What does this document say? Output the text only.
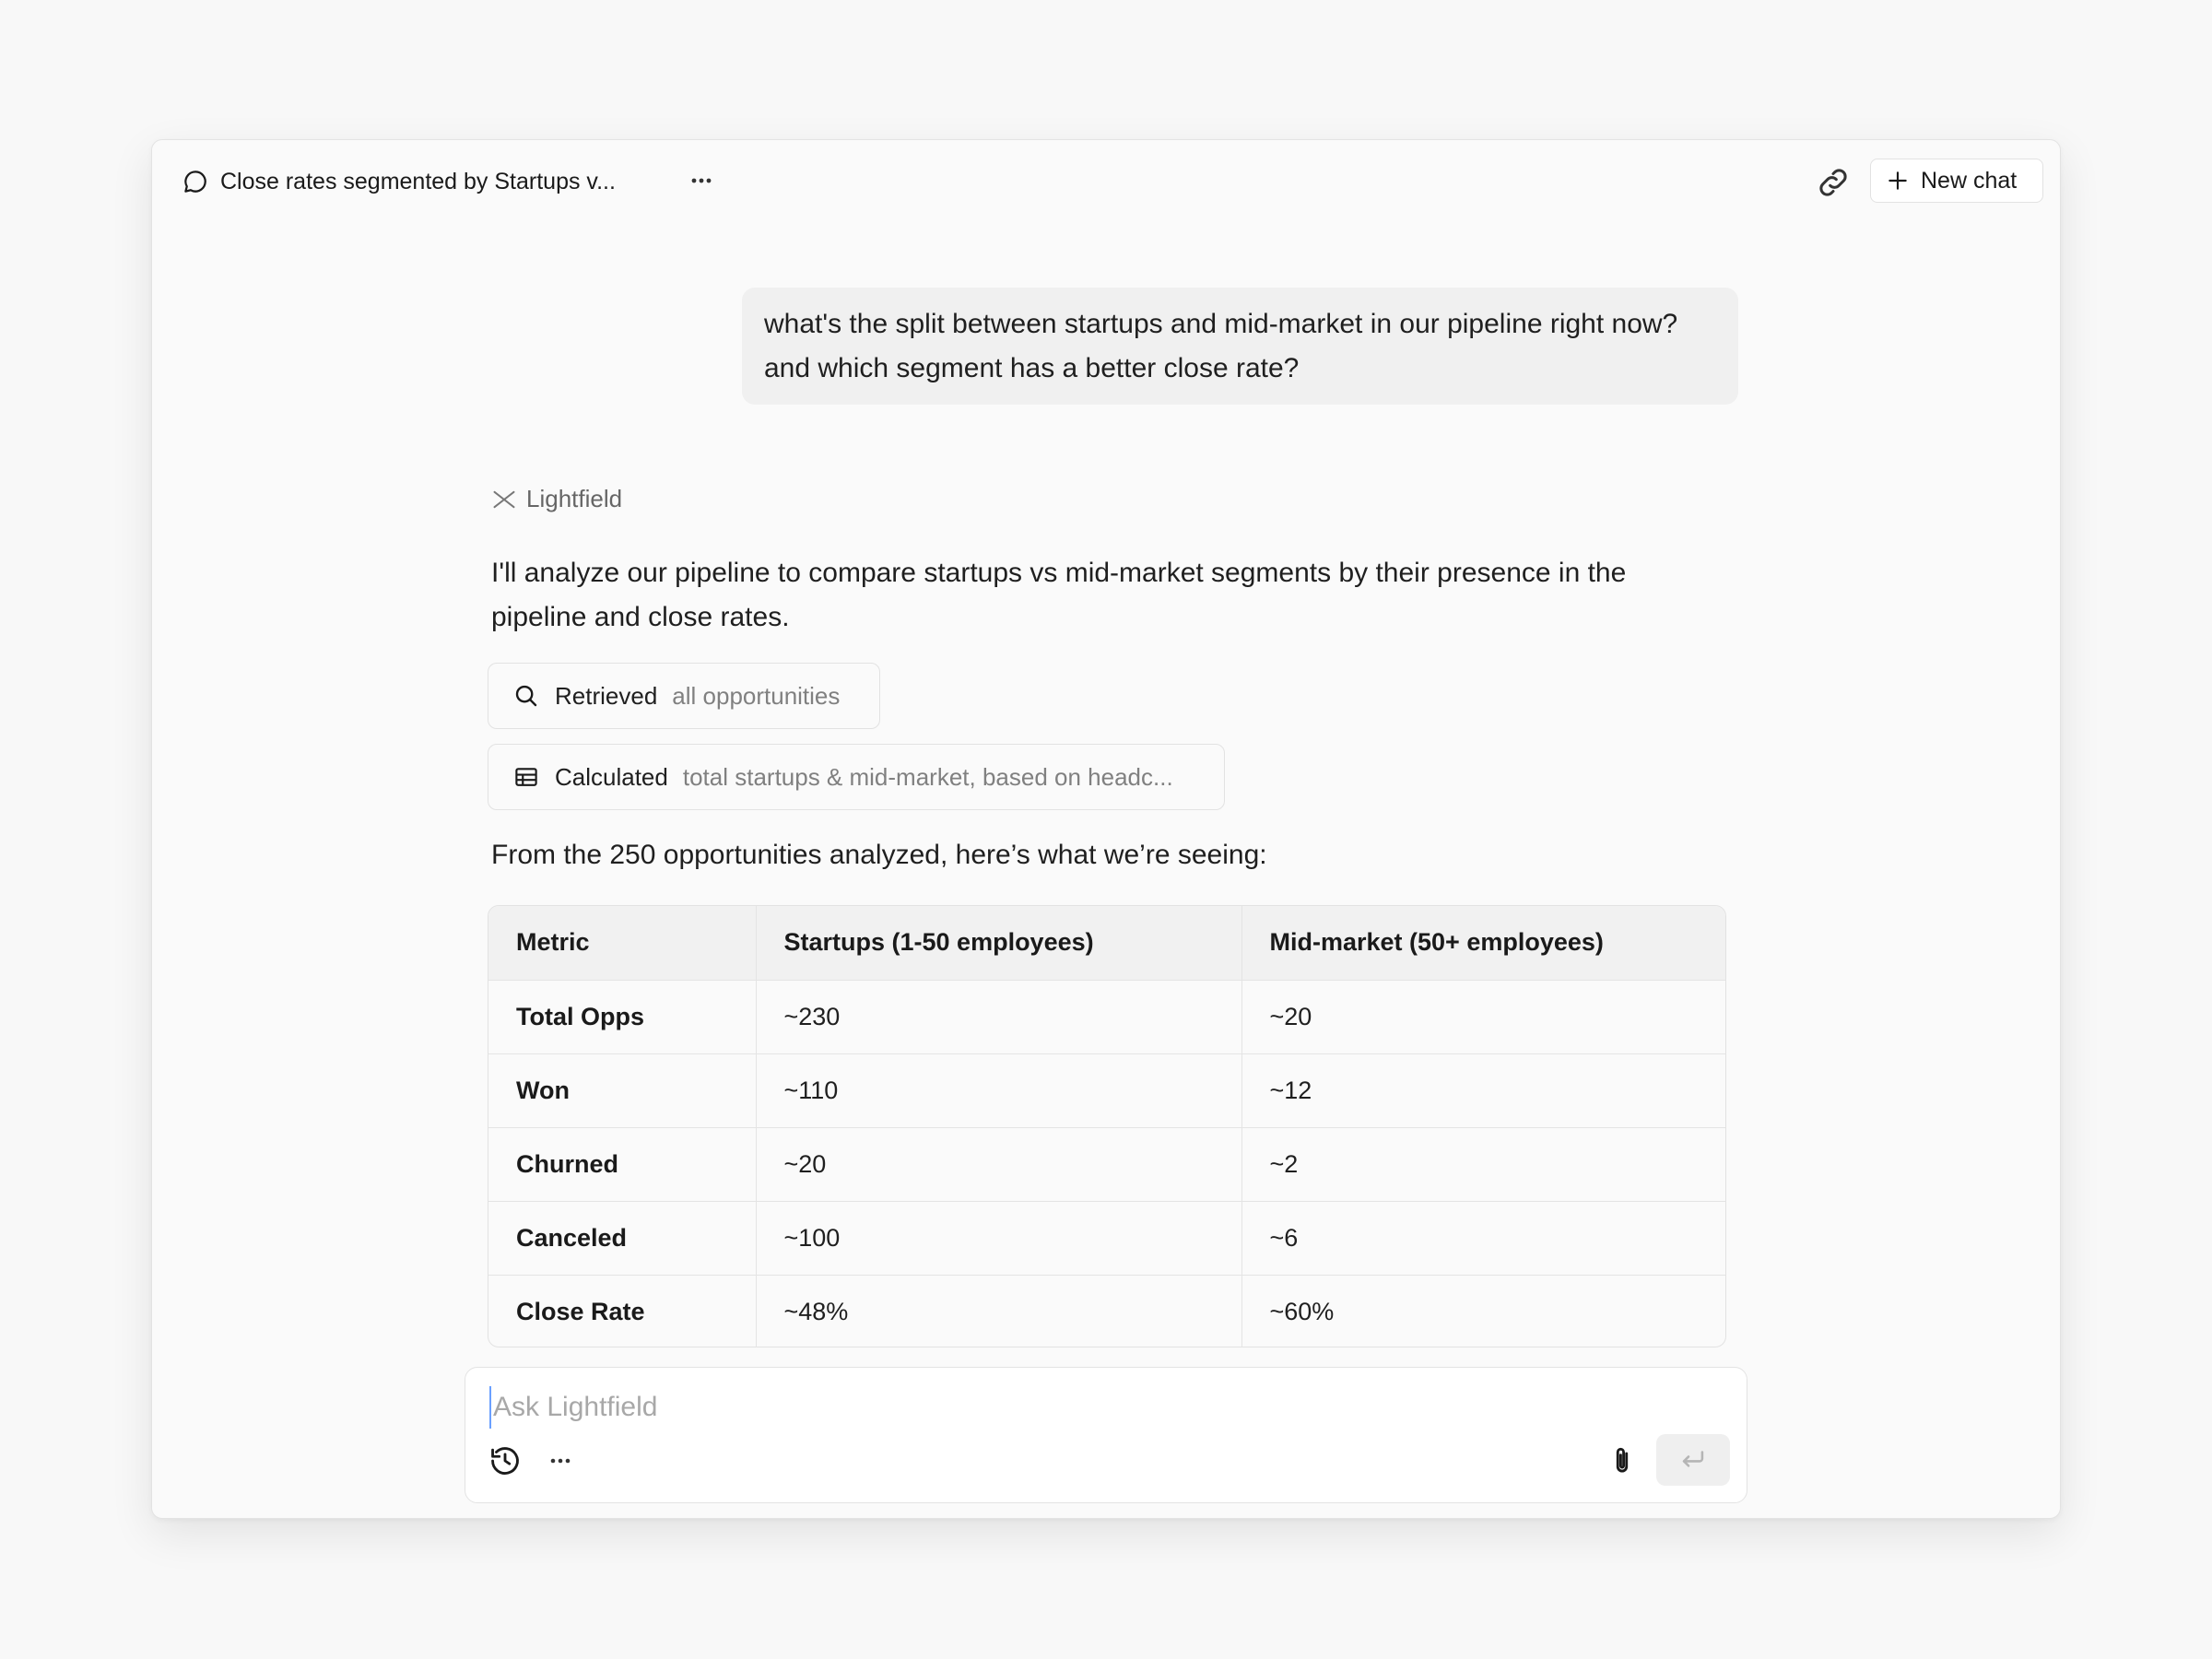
Close rates segmented by Startups v...	New chat
what's the split between startups and mid-market in our pipeline right now? and which segment has a better close rate?
Lightfield
I'll analyze our pipeline to compare startups vs mid-market segments by their presence in the pipeline and close rates.
Retrieved all opportunities
Calculated total startups & mid-market, based on headc...
From the 250 opportunities analyzed, here’s what we’re seeing:
Metric	Startups (1-50 employees)	Mid-market (50+ employees)
Total Opps	~230	~20
Won	~110	~12
Churned	~20	~2
Canceled	~100	~6
Close Rate	~48%	~60%
Ask Lightfield
